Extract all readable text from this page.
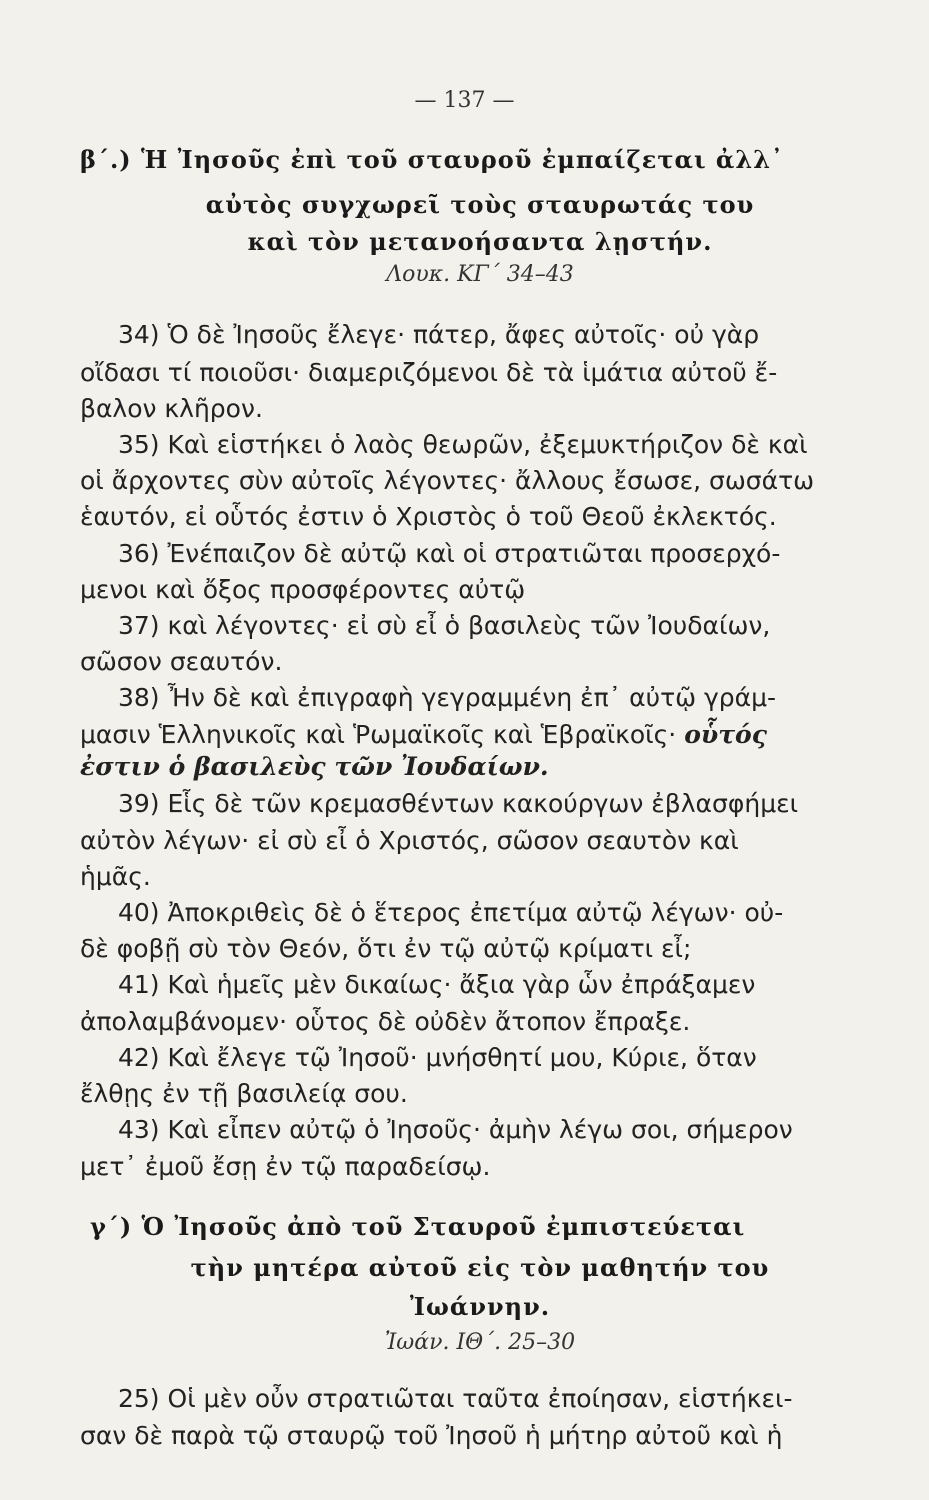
— 137 —
β΄.) Ἡ Ἰησοῦς ἐπὶ τοῦ σταυροῦ ἐμπαίζεται ἀλλ᾽
αὐτὸς συγχωρεῖ τοὺς σταυρωτάς του
καὶ τὸν μετανοήσαντα λῃστήν.
Λουκ. ΚΓ΄ 34–43
34) Ὁ δὲ Ἰησοῦς ἔλεγε· πάτερ, ἄφες αὐτοῖς· οὐ γὰρ
οἴδασι τί ποιοῦσι· διαμεριζόμενοι δὲ τὰ ἱμάτια αὐτοῦ ἔ-
βαλον κλῆρον.
35) Καὶ εἱστήκει ὁ λαὸς θεωρῶν, ἐξεμυκτήριζον δὲ καὶ
οἱ ἄρχοντες σὺν αὐτοῖς λέγοντες· ἄλλους ἔσωσε, σωσάτω
ἑαυτόν, εἰ οὗτός ἐστιν ὁ Χριστὸς ὁ τοῦ Θεοῦ ἐκλεκτός.
36) Ἐνέπαιζον δὲ αὐτῷ καὶ οἱ στρατιῶται προσερχό-
μενοι καὶ ὄξος προσφέροντες αὐτῷ
37) καὶ λέγοντες· εἰ σὺ εἶ ὁ βασιλεὺς τῶν Ἰουδαίων,
σῶσον σεαυτόν.
38) Ἦν δὲ καὶ ἐπιγραφὴ γεγραμμένη ἐπ᾽ αὐτῷ γράμ-
μασιν Ἑλληνικοῖς καὶ Ῥωμαϊκοῖς καὶ Ἑβραϊκοῖς· οὗτός
ἐστιν ὁ βασιλεὺς τῶν Ἰουδαίων.
39) Εἷς δὲ τῶν κρεμασθέντων κακούργων ἐβλασφήμει
αὐτὸν λέγων· εἰ σὺ εἶ ὁ Χριστός, σῶσον σεαυτὸν καὶ
ἡμᾶς.
40) Ἀποκριθεὶς δὲ ὁ ἕτερος ἐπετίμα αὐτῷ λέγων· οὐ-
δὲ φοβῇ σὺ τὸν Θεόν, ὅτι ἐν τῷ αὐτῷ κρίματι εἶ;
41) Καὶ ἡμεῖς μὲν δικαίως· ἄξια γὰρ ὧν ἐπράξαμεν
ἀπολαμβάνομεν· οὗτος δὲ οὐδὲν ἄτοπον ἔπραξε.
42) Καὶ ἔλεγε τῷ Ἰησοῦ· μνήσθητί μου, Κύριε, ὅταν
ἔλθῃς ἐν τῇ βασιλείᾳ σου.
43) Καὶ εἶπεν αὐτῷ ὁ Ἰησοῦς· ἀμὴν λέγω σοι, σήμερον
μετ᾽ ἐμοῦ ἔσῃ ἐν τῷ παραδείσῳ.
γ΄) Ὁ Ἰησοῦς ἀπὸ τοῦ Σταυροῦ ἐμπιστεύεται
τὴν μητέρα αὐτοῦ εἰς τὸν μαθητήν του
Ἰωάννην.
Ἰωάν. ΙΘ΄. 25–30
25) Οἱ μὲν οὖν στρατιῶται ταῦτα ἐποίησαν, εἱστήκει-
σαν δὲ παρὰ τῷ σταυρῷ τοῦ Ἰησοῦ ἡ μήτηρ αὐτοῦ καὶ ἡ
